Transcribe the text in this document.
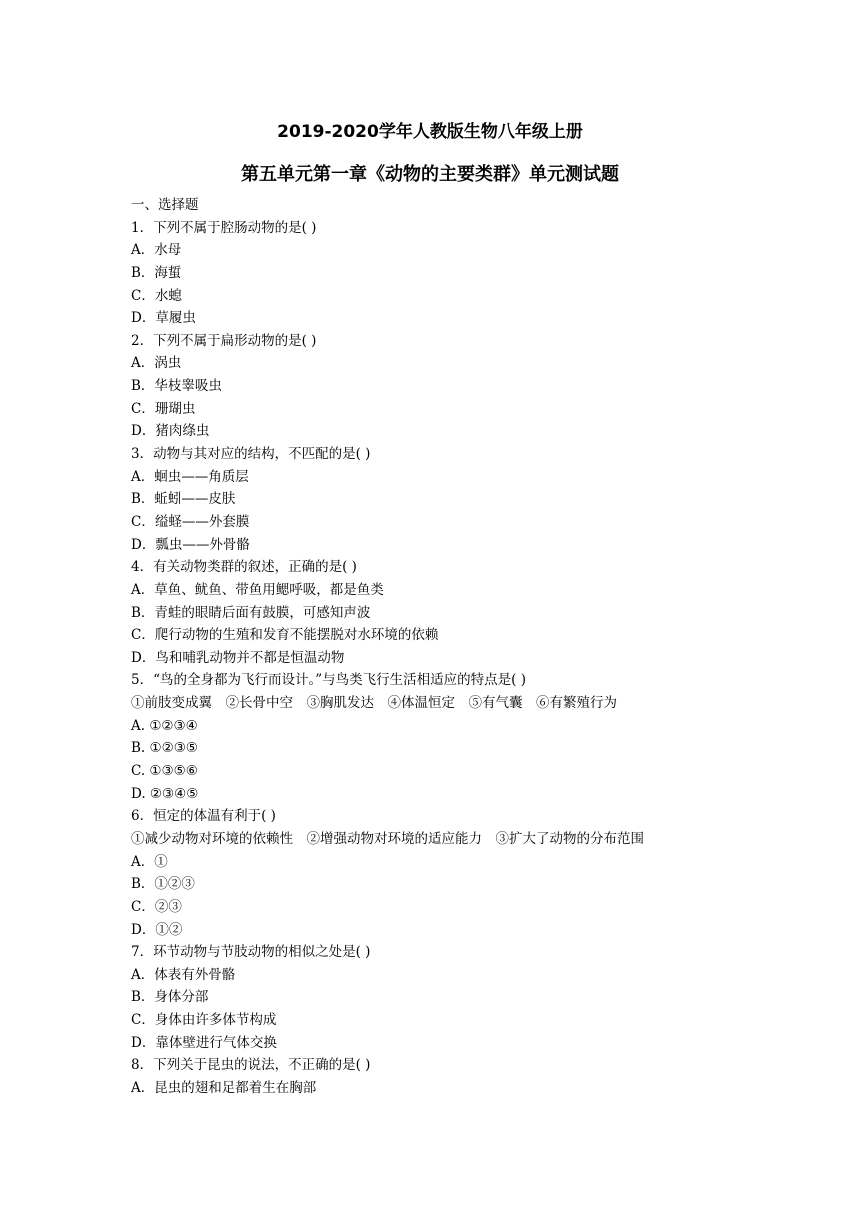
2019-2020学年人教版生物八年级上册
第五单元第一章《动物的主要类群》单元测试题
一、选择题
1．下列不属于腔肠动物的是( )
A．水母
B．海蜇
C．水螅
D．草履虫
2．下列不属于扁形动物的是( )
A．涡虫
B．华枝睾吸虫
C．珊瑚虫
D．猪肉绦虫
3．动物与其对应的结构，不匹配的是( )
A．蛔虫——角质层
B．蚯蚓——皮肤
C．缢蛏——外套膜
D．瓢虫——外骨骼
4．有关动物类群的叙述，正确的是( )
A．草鱼、鱿鱼、带鱼用鳃呼吸，都是鱼类
B．青蛙的眼睛后面有鼓膜，可感知声波
C．爬行动物的生殖和发育不能摆脱对水环境的依赖
D．鸟和哺乳动物并不都是恒温动物
5．“鸟的全身都为飞行而设计。”与鸟类飞行生活相适应的特点是( )
①前肢变成翼　②长骨中空　③胸肌发达　④体温恒定　⑤有气囊　⑥有繁殖行为
A. ①②③④
B. ①②③⑤
C. ①③⑤⑥
D. ②③④⑤
6．恒定的体温有利于( )
①减少动物对环境的依赖性　②增强动物对环境的适应能力　③扩大了动物的分布范围
A．①
B．①②③
C．②③
D．①②
7．环节动物与节肢动物的相似之处是( )
A．体表有外骨骼
B．身体分部
C．身体由许多体节构成
D．靠体壁进行气体交换
8．下列关于昆虫的说法，不正确的是( )
A．昆虫的翅和足都着生在胸部
